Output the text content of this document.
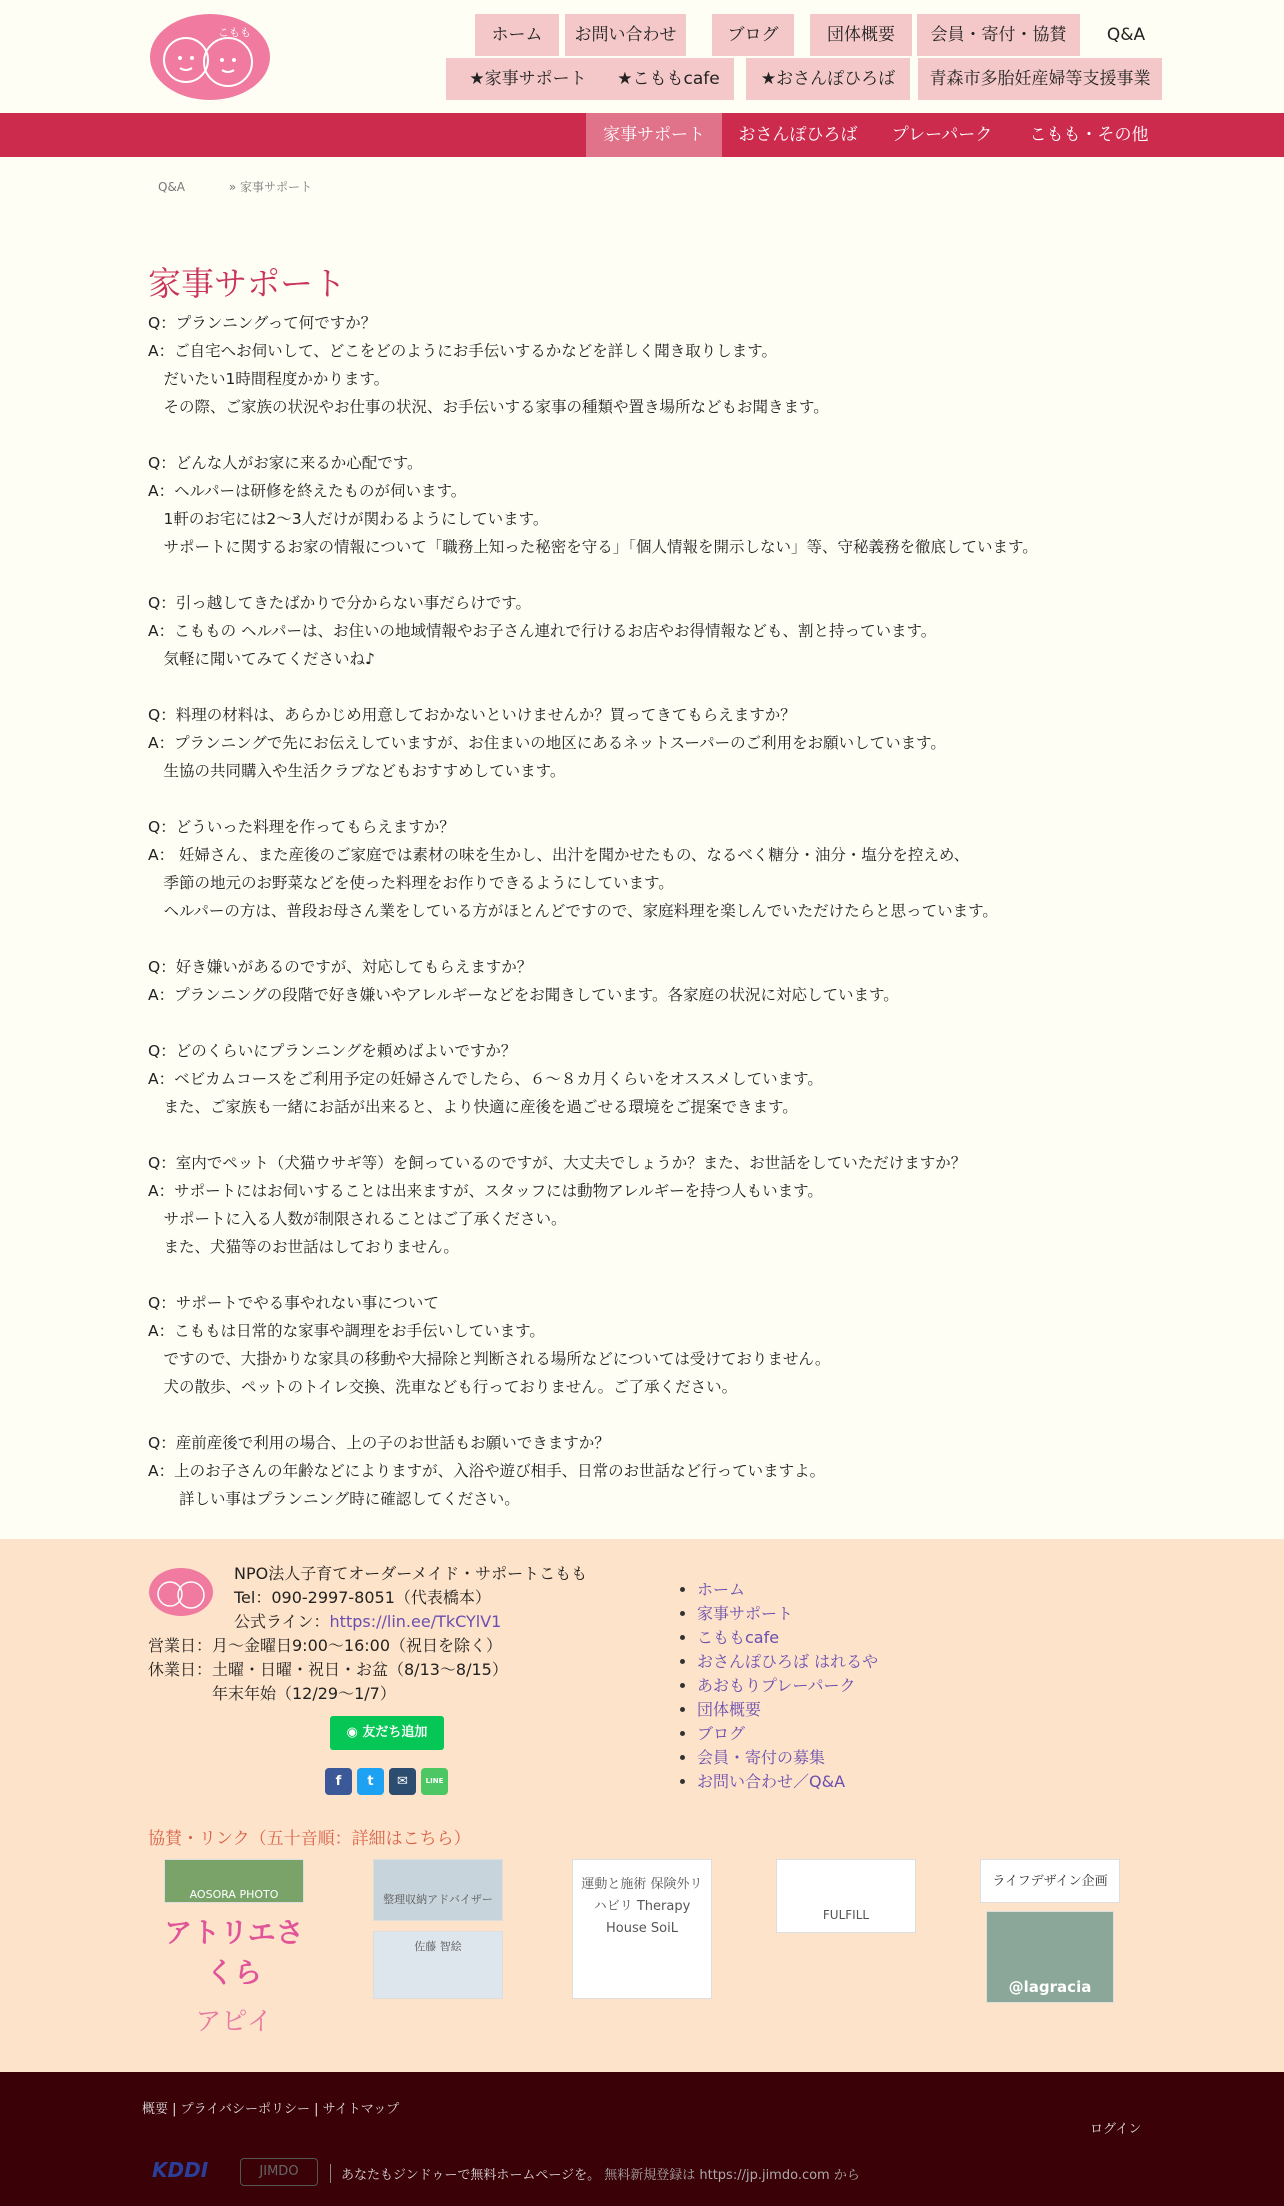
こもも	ホーム	お問い合わせ	ブログ	団体概要	会員・寄付・協賛	Q&A
★家事サポート	★こももcafe	★おさんぽひろば	青森市多胎妊産婦等支援事業
家事サポート	おさんぽひろば	プレーパーク	こもも・その他
Q&A	» 家事サポート
家事サポート
Q：プランニングって何ですか？
A：ご自宅へお伺いして、どこをどのようにお手伝いするかなどを詳しく聞き取りします。
　だいたい1時間程度かかります。
　その際、ご家族の状況やお仕事の状況、お手伝いする家事の種類や置き場所などもお聞きます。
Q：どんな人がお家に来るか心配です。
A：ヘルパーは研修を終えたものが伺います。
　1軒のお宅には2〜3人だけが関わるようにしています。
　サポートに関するお家の情報について「職務上知った秘密を守る」「個人情報を開示しない」等、守秘義務を徹底しています。
Q：引っ越してきたばかりで分からない事だらけです。
A：こももの ヘルパーは、お住いの地域情報やお子さん連れで行けるお店やお得情報なども、割と持っています。
　気軽に聞いてみてくださいね♪
Q：料理の材料は、あらかじめ用意しておかないといけませんか？買ってきてもらえますか？
A：プランニングで先にお伝えしていますが、お住まいの地区にあるネットスーパーのご利用をお願いしています。
　生協の共同購入や生活クラブなどもおすすめしています。
Q：どういった料理を作ってもらえますか？
A： 妊婦さん、また産後のご家庭では素材の味を生かし、出汁を聞かせたもの、なるべく糖分・油分・塩分を控えめ、
　季節の地元のお野菜などを使った料理をお作りできるようにしています。
　ヘルパーの方は、普段お母さん業をしている方がほとんどですので、家庭料理を楽しんでいただけたらと思っています。
Q：好き嫌いがあるのですが、対応してもらえますか？
A：プランニングの段階で好き嫌いやアレルギーなどをお聞きしています。各家庭の状況に対応しています。
Q：どのくらいにプランニングを頼めばよいですか？
A：ベビカムコースをご利用予定の妊婦さんでしたら、６〜８カ月くらいをオススメしています。
　また、ご家族も一緒にお話が出来ると、より快適に産後を過ごせる環境をご提案できます。
Q：室内でペット（犬猫ウサギ等）を飼っているのですが、大丈夫でしょうか？また、お世話をしていただけますか？
A：サポートにはお伺いすることは出来ますが、スタッフには動物アレルギーを持つ人もいます。
　サポートに入る人数が制限されることはご了承ください。
　また、犬猫等のお世話はしておりません。
Q：サポートでやる事やれない事について
A：こももは日常的な家事や調理をお手伝いしています。
　ですので、大掛かりな家具の移動や大掃除と判断される場所などについては受けておりません。
　犬の散歩、ペットのトイレ交換、洗車なども行っておりません。ご了承ください。
Q：産前産後で利用の場合、上の子のお世話もお願いできますか？
A：上のお子さんの年齢などによりますが、入浴や遊び相手、日常のお世話など行っていますよ。
　　詳しい事はプランニング時に確認してください。
NPO法人子育てオーダーメイド・サポートこもも
Tel：090-2997-8051（代表橋本）
公式ライン：https://lin.ee/TkCYlV1
営業日：月〜金曜日9:00〜16:00（祝日を除く）
休業日：土曜・日曜・祝日・お盆（8/13〜8/15）
年末年始（12/29〜1/7）
◉ 友だち追加
f	t	✉	LINE
• ホーム
• 家事サポート
• こももcafe
• おさんぽひろば はれるや
• あおもりプレーパーク
• 団体概要
• ブログ
• 会員・寄付の募集
• お問い合わせ／Q&A
協賛・リンク（五十音順：詳細はこちら）
AOSORA PHOTO
アトリエさくら
アピイ
整理収納アドバイザー
佐藤 智絵
運動と施術 保険外リハビリ Therapy House SoiL
FULFILL
ライフデザイン企画
@lagracia
概要 | プライバシーポリシー | サイトマップ
ログイン
KDDI	JIMDO	あなたもジンドゥーで無料ホームページを。 無料新規登録は https://jp.jimdo.com から
